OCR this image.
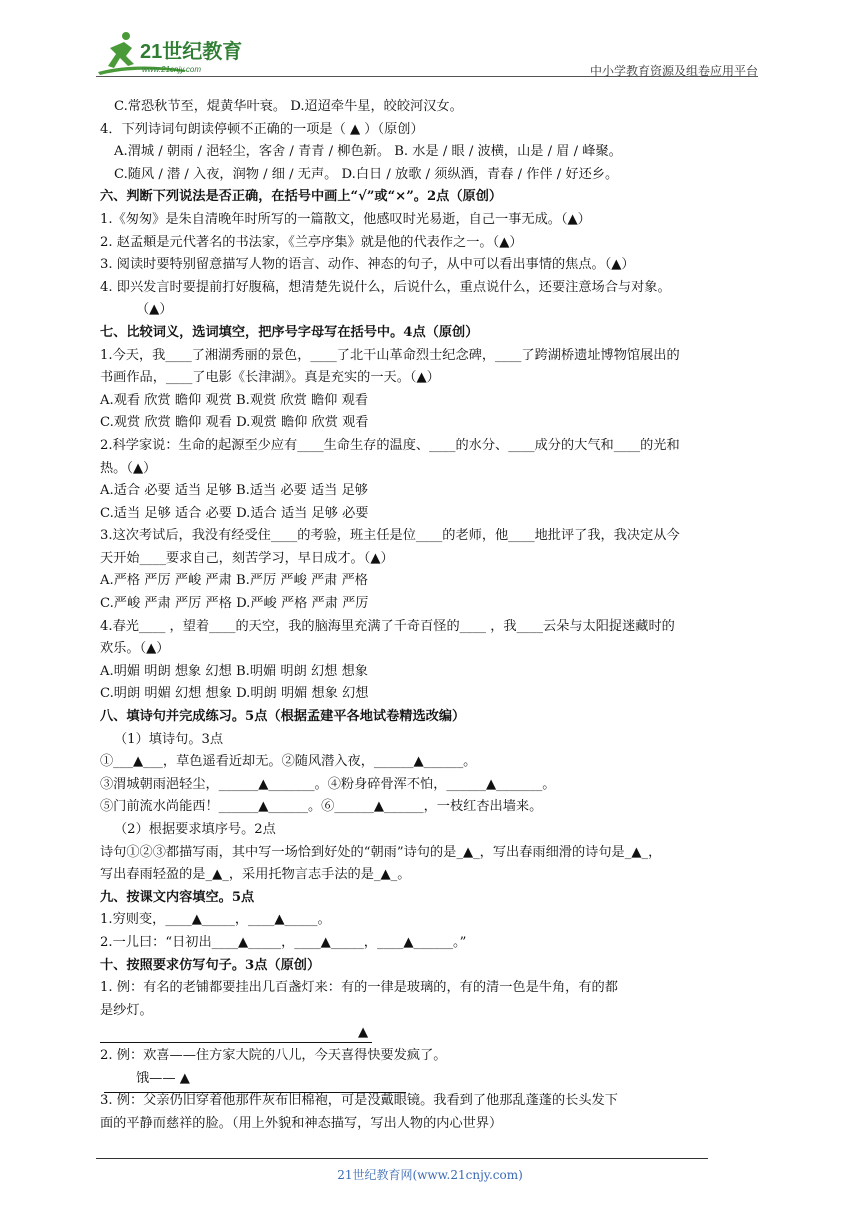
21世纪教育
www.21cnjy.com	中小学教育资源及组卷应用平台
C.常恐秋节至，焜黄华叶衰。 D.迢迢牵牛星，皎皎河汉女。
4．下列诗词句朗读停顿不正确的一项是（ ▲ ）（原创）
A.渭城 / 朝雨 / 浥轻尘，客舍 / 青青 / 柳色新。 B. 水是 / 眼 / 波横，山是 / 眉 / 峰聚。
C.随风 / 潜 / 入夜，润物 / 细 / 无声。 D.白日 / 放歌 / 须纵酒，青春 / 作伴 / 好还乡。
六、判断下列说法是否正确，在括号中画上“√”或“×”。2点（原创）
1.《匆匆》是朱自清晚年时所写的一篇散文，他感叹时光易逝，自己一事无成。（▲）
2. 赵孟頫是元代著名的书法家，《兰亭序集》就是他的代表作之一。（▲）
3. 阅读时要特别留意描写人物的语言、动作、神态的句子，从中可以看出事情的焦点。（▲）
4. 即兴发言时要提前打好腹稿，想清楚先说什么，后说什么，重点说什么，还要注意场合与对象。
（▲）
七、比较词义，选词填空，把序号字母写在括号中。4点（原创）
1.今天，我____了湘湖秀丽的景色，____了北干山革命烈士纪念碑，____了跨湖桥遗址博物馆展出的
书画作品，____了电影《长津湖》。真是充实的一天。（▲）
A.观看 欣赏 瞻仰 观赏 B.观赏 欣赏 瞻仰 观看
C.观赏 欣赏 瞻仰 观看 D.观赏 瞻仰 欣赏 观看
2.科学家说：生命的起源至少应有____生命生存的温度、____的水分、____成分的大气和____的光和
热。（▲）
A.适合 必要 适当 足够 B.适当 必要 适当 足够
C.适当 足够 适合 必要 D.适合 适当 足够 必要
3.这次考试后，我没有经受住____的考验，班主任是位____的老师，他____地批评了我，我决定从今
天开始____要求自己，刻苦学习，早日成才。（▲）
A.严格 严厉 严峻 严肃 B.严厉 严峻 严肃 严格
C.严峻 严肃 严厉 严格 D.严峻 严格 严肃 严厉
4.春光____ ，望着____的天空，我的脑海里充满了千奇百怪的____ ，我____云朵与太阳捉迷藏时的
欢乐。（▲）
A.明媚 明朗 想象 幻想 B.明媚 明朗 幻想 想象
C.明朗 明媚 幻想 想象 D.明朗 明媚 想象 幻想
八、填诗句并完成练习。5点（根据孟建平各地试卷精选改编）
（1）填诗句。3点
①___▲___，草色遥看近却无。②随风潜入夜，______▲______。
③渭城朝雨浥轻尘，______▲_______。④粉身碎骨浑不怕，______▲_______。
⑤门前流水尚能西！______▲______。⑥______▲______，一枝红杏出墙来。
（2）根据要求填序号。2点
诗句①②③都描写雨，其中写一场恰到好处的“朝雨”诗句的是_▲_，写出春雨细滑的诗句是_▲_，
写出春雨轻盈的是_▲_，采用托物言志手法的是_▲_。
九、按课文内容填空。5点
1.穷则变，____▲_____，____▲_____。
2.一儿曰：“日初出____▲_____，____▲_____，____▲______。”
十、按照要求仿写句子。3点（原创）
1. 例：有名的老铺都要挂出几百盏灯来：有的一律是玻璃的，有的清一色是牛角，有的都
是纱灯。
▲
2. 例：欢喜——住方家大院的八儿，今天喜得快要发疯了。
饿—— ▲
3. 例：父亲仍旧穿着他那件灰布旧棉袍，可是没戴眼镜。我看到了他那乱蓬蓬的长头发下
面的平静而慈祥的脸。（用上外貌和神态描写，写出人物的内心世界）
21世纪教育网(www.21cnjy.com)
